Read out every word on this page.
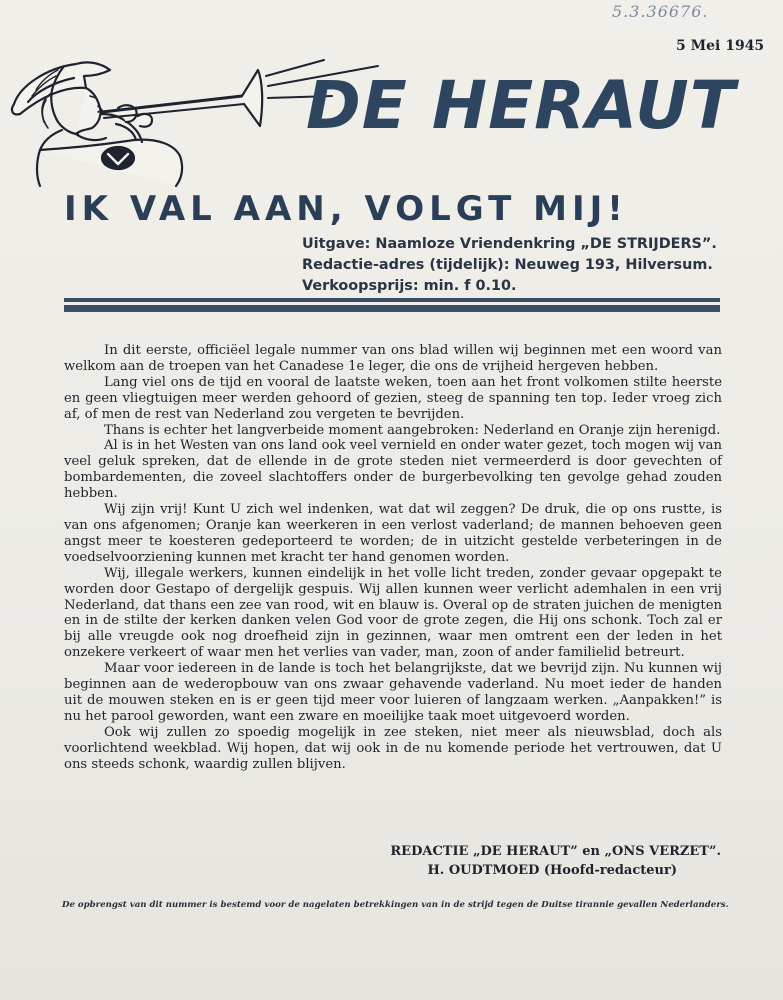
5.3.36676.
5 Mei 1945
DE HERAUT
IK VAL AAN, VOLGT MIJ!
Uitgave: Naamloze Vriendenkring „DE STRIJDERS”.
Redactie-adres (tijdelijk): Neuweg 193, Hilversum.
Verkoopsprijs: min. f 0.10.

In dit eerste, officiëel legale nummer van ons blad willen wij beginnen met een woord van welkom aan de troepen van het Canadese 1e leger, die ons de vrijheid hergeven hebben.

Lang viel ons de tijd en vooral de laatste weken, toen aan het front volkomen stilte heerste en geen vliegtuigen meer werden gehoord of gezien, steeg de spanning ten top. Ieder vroeg zich af, of men de rest van Nederland zou vergeten te bevrijden.

Thans is echter het langverbeide moment aangebroken: Nederland en Oranje zijn herenigd.

Al is in het Westen van ons land ook veel vernield en onder water gezet, toch mogen wij van veel geluk spreken, dat de ellende in de grote steden niet vermeerderd is door gevechten of bombardementen, die zoveel slachtoffers onder de burgerbevolking ten gevolge gehad zouden hebben.

Wij zijn vrij! Kunt U zich wel indenken, wat dat wil zeggen? De druk, die op ons rustte, is van ons afgenomen; Oranje kan weerkeren in een verlost vaderland; de mannen behoeven geen angst meer te koesteren gedeporteerd te worden; de in uitzicht gestelde verbeteringen in de voedselvoorziening kunnen met kracht ter hand genomen worden.

Wij, illegale werkers, kunnen eindelijk in het volle licht treden, zonder gevaar opgepakt te worden door Gestapo of dergelijk gespuis. Wij allen kunnen weer verlicht ademhalen in een vrij Nederland, dat thans een zee van rood, wit en blauw is. Overal op de straten juichen de menigten en in de stilte der kerken danken velen God voor de grote zegen, die Hij ons schonk. Toch zal er bij alle vreugde ook nog droefheid zijn in gezinnen, waar men omtrent een der leden in het onzekere verkeert of waar men het verlies van vader, man, zoon of ander familielid betreurt.

Maar voor iedereen in de lande is toch het belangrijkste, dat we bevrijd zijn. Nu kunnen wij beginnen aan de wederopbouw van ons zwaar gehavende vaderland. Nu moet ieder de handen uit de mouwen steken en is er geen tijd meer voor luieren of langzaam werken. „Aanpakken!” is nu het parool geworden, want een zware en moeilijke taak moet uitgevoerd worden.

Ook wij zullen zo spoedig mogelijk in zee steken, niet meer als nieuwsblad, doch als voorlichtend weekblad. Wij hopen, dat wij ook in de nu komende periode het vertrouwen, dat U ons steeds schonk, waardig zullen blijven.

REDACTIE „DE HERAUT” en „ONS VERZET”.
H. OUDTMOED (Hoofd-redacteur)
De opbrengst van dit nummer is bestemd voor de nagelaten betrekkingen van in de strijd tegen de Duitse tirannie gevallen Nederlanders.
